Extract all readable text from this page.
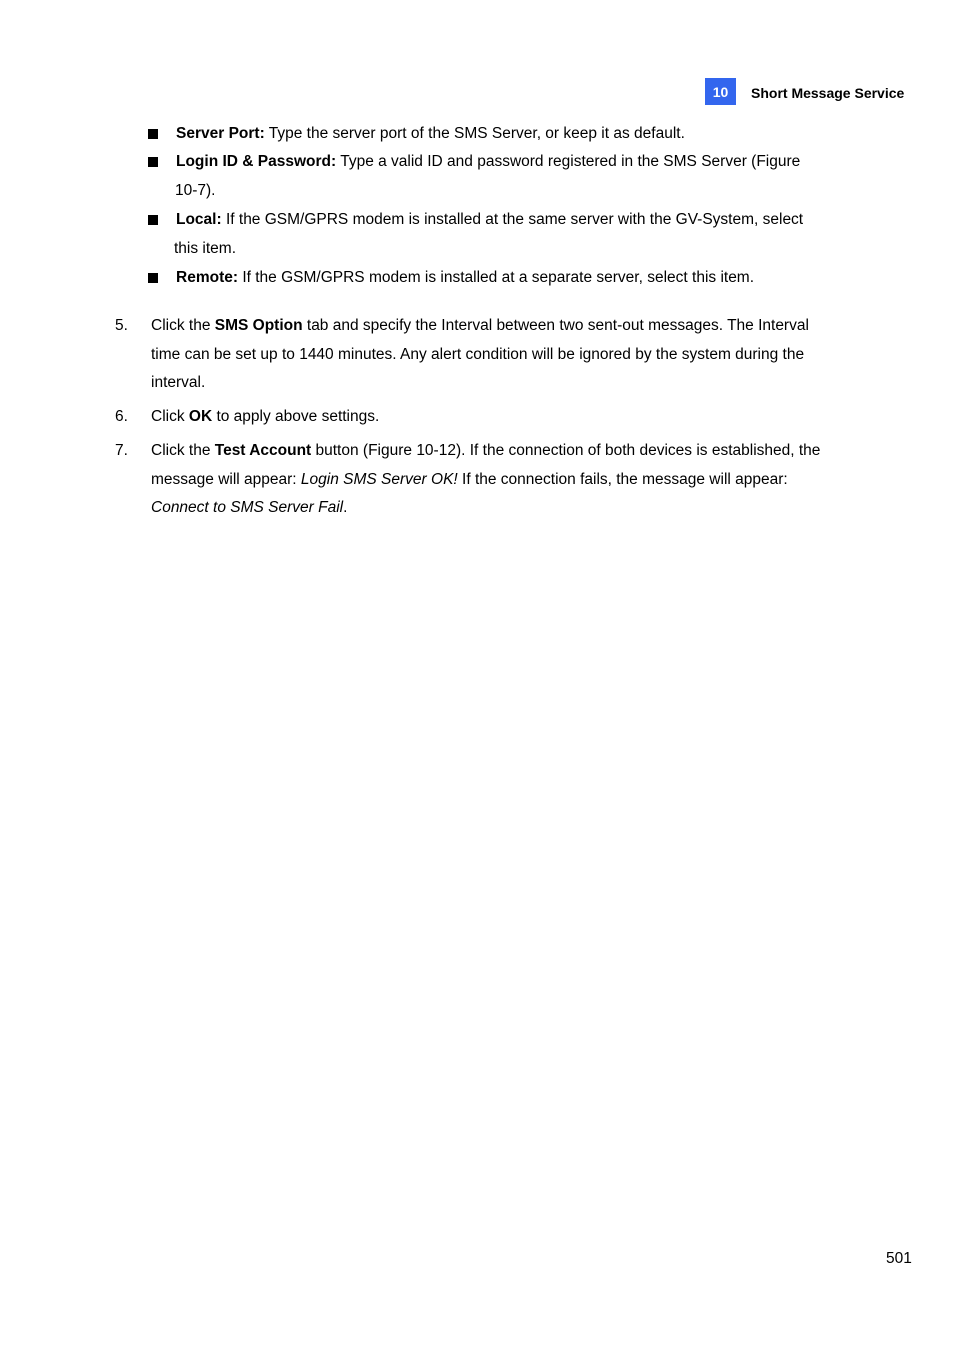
10	Short Message Service
Server Port: Type the server port of the SMS Server, or keep it as default.
Login ID & Password: Type a valid ID and password registered in the SMS Server (Figure
10-7).
Local: If the GSM/GPRS modem is installed at the same server with the GV-System, select
this item.
Remote: If the GSM/GPRS modem is installed at a separate server, select this item.
5. Click the SMS Option tab and specify the Interval between two sent-out messages. The Interval
time can be set up to 1440 minutes. Any alert condition will be ignored by the system during the
interval.
6. Click OK to apply above settings.
7. Click the Test Account button (Figure 10-12). If the connection of both devices is established, the
message will appear: Login SMS Server OK! If the connection fails, the message will appear:
Connect to SMS Server Fail.
501
